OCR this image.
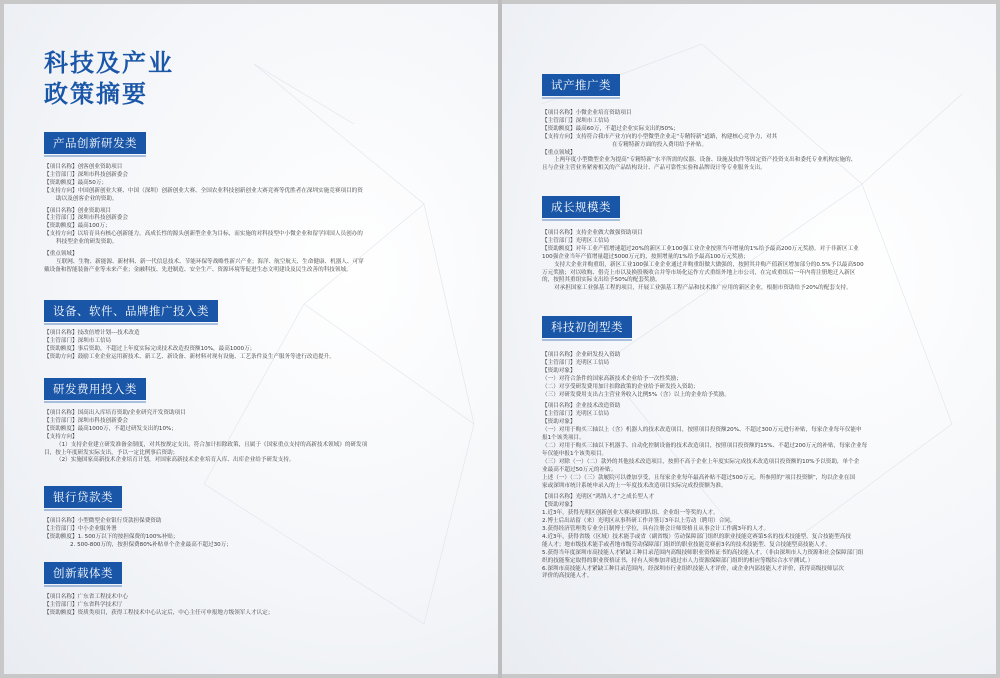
科技及产业
政策摘要
产品创新研发类
【项目名称】创客创业资助项目
【主管部门】深圳市科技创新委会
【资助额度】最高50万；
【支持方向】中国创新创业大赛、中国（深圳）创新创业大赛、全国农业科技创新创业大赛竞赛等优胜者在深圳实施竞赛项目的资
助以及创客企业的资助。
【项目名称】创业资助项目
【主管部门】深圳市科技创新委会
【资助额度】最高100万；
【支持方向】以培育具有核心创新能力，高成长性的源头创新型企业为目标，而实施的对科技型中小微企业和留学回国人员创办的
科技型企业的研发资助。
【重点领域】
互联网、生物、新能源、新材料、新一代信息技术、节能环保等战略性新兴产业；海洋、航空航天、生命健康、机器人、可穿
戴设备和智能装备产业等未来产业；金融科技、先进制造、安全生产、资源环境等促进生态文明建设及民生改善的科技领域。
设备、软件、品牌推广投入类
【项目名称】技改倍增计划---技术改造
【主管部门】深圳市工信局
【资助额度】事后资助，不超过上年度实际完成技术改造投资额10%，最高1000万；
【资助方向】鼓励工业企业运用新技术、新工艺、新设备、新材料对现有设施、工艺条件及生产服务等进行改造提升。
研发费用投入类
【项目名称】国高出入库培育资助/企业研究开发资助项目
【主管部门】深圳市科技创新委会
【资助额度】最高1000万，不超过研发支出的10%；
【支持方向】
（1）支持企业建立研发准备金制度，对其按规定支出，符合加计扣除政策，且属于《国家重点支持的高新技术领域》的研发项
目，按上年度研发实际支出，予以一定比例事后资助；
（2）实施国家高新技术企业培育计划，对国家高新技术企业培育入库、出库企业给予研发支持。
银行贷款类
【项目名称】小型微型企业银行贷款担保费资助
【主管部门】中小企业服务署
【资助额度】1. 500万以下的按担保费的100%补贴；
2. 500-800万的，按担保费80%补贴单个企业最高不超过30万；
创新载体类
【项目名称】广东省工程技术中心
【主管部门】广东省科学技术厅
【资助额度】资质类项目，获得工程技术中心认定后，中心主任可申报地方级领军人才认定；
试产推广类
【项目名称】小微企业培育资助项目
【主管部门】深圳市工信局
【资助额度】最高60万，不超过企业实际支出的50%；
【支持方向】支持符合我市产业方向的小型微型企业走“专精特新”道路，构建核心竞争力，对其
在专精特新方面的投入费用给予补贴。
【重点领域】
上两年度小型微型企业为提高“专精特新”水平所需的仪器、设备、设施及软件等固定资产投资支出和委托专业机构实施的、
且与企业主营业务紧密相关的产品结构设计、产品可靠性实验和品牌设计等专业服务支出。
成长规模类
【项目名称】支持企业做大做强资助项目
【主管部门】光明区工信局
【资助额度】对年工业产值增速超过20%的新区工业100强工业企业按照当年增量的1%给予最高200万元奖励。对于非新区工业
100强企业当年产值增量超过5000万元的，按照增量的1%给予最高100万元奖励；
支持大企业并购重组，新区工业100强工业企业通过并购重组做大做强的，按照其并购产值新区增加部分的0.5%予以最高500
万元奖励；对以收购、借壳上市以及换股吸收合并等市场化运作方式重组外地上市公司，在完成重组后一年内将注册地迁入新区
的，按照其重组实际支出给予50%的配套奖励。
对承担国家工业强基工程的项目，开展工业强基工程产品和技术推广应用的新区企业，根据市资助给予20%的配套支持。
科技初创型类
【项目名称】企业研发投入资助
【主管部门】光明区工信局
【资助对象】
（一）对符合条件的国家高新技术企业给予一次性奖励；
（二）对享受研发费用加计扣除政策的企业给予研发投入资助；
（三）对研发费用支出占主营业务收入比例5%（含）以上的企业给予奖励。
【项目名称】企业技术改造资助
【主管部门】光明区工信局
【资助对象】
（一）对用于购买三轴以上（含）机器人的技术改造项目，按照项目投资额20%、不超过300万元进行补贴，每家企业每年仅能申
报1个该类项目。
（二）对用于购买三轴以下机器手、自动化控制设备的技术改造项目，按照项目投资额的15%、不超过200万元的补贴，每家企业每
年仅能申报1个该类项目。
（三）对除（一）（二）款外的其他技术改造项目，按照不高于企业上年度实际完成技术改造项目投资额的10%予以资助，单个企
业最高不超过50万元的补贴。
上述（一）（二）（三）款履院可以叠加享受，且每家企业每年最高补贴不超过500万元。所参照的“项目投资额”，均以企业在国
家或深圳市统计系统申录入的上一年度技术改造项目实际完成投资额为准。
【项目名称】光明区“鸿鹄人才”之成长型人才
【资助对象】
1.近3年，获得光明区创新创业大赛决赛团队组、企业组一等奖的人才。
2.博士后出站留（来）光明区从事科研工作并签订3年以上劳动（聘用）合同。
3.获得经济管理类专业全日制博士学位，具有注册会计师资格且从事会计工作满3年的人才。
4.近3年，获得省级（区域）技术能手或省（副省级）劳动保障部门组织的职业技能竞赛第5名的技术技能型、复合技能型高技
能人才；地市级技术能手或者地市级劳动保障部门组织的职业技能竞赛前3名的技术技能型、复合技能型高技能人才。
5.获得当年度深圳市高技能人才紧缺工种目录范围内高级技师职业资格证书的高技能人才。（非由深圳市人力资源和社会保障部门组
织的技能鉴定取得的职业资格证书，持有人须参加并通过市人力资源保障部门组织的相应等级综合水平测试。）
6.深圳市高技能人才紧缺工种目录范围内，经深圳市行业组织技能人才评价，或企业内部技能人才评价，获得高级技师层次
评价的高技能人才。
